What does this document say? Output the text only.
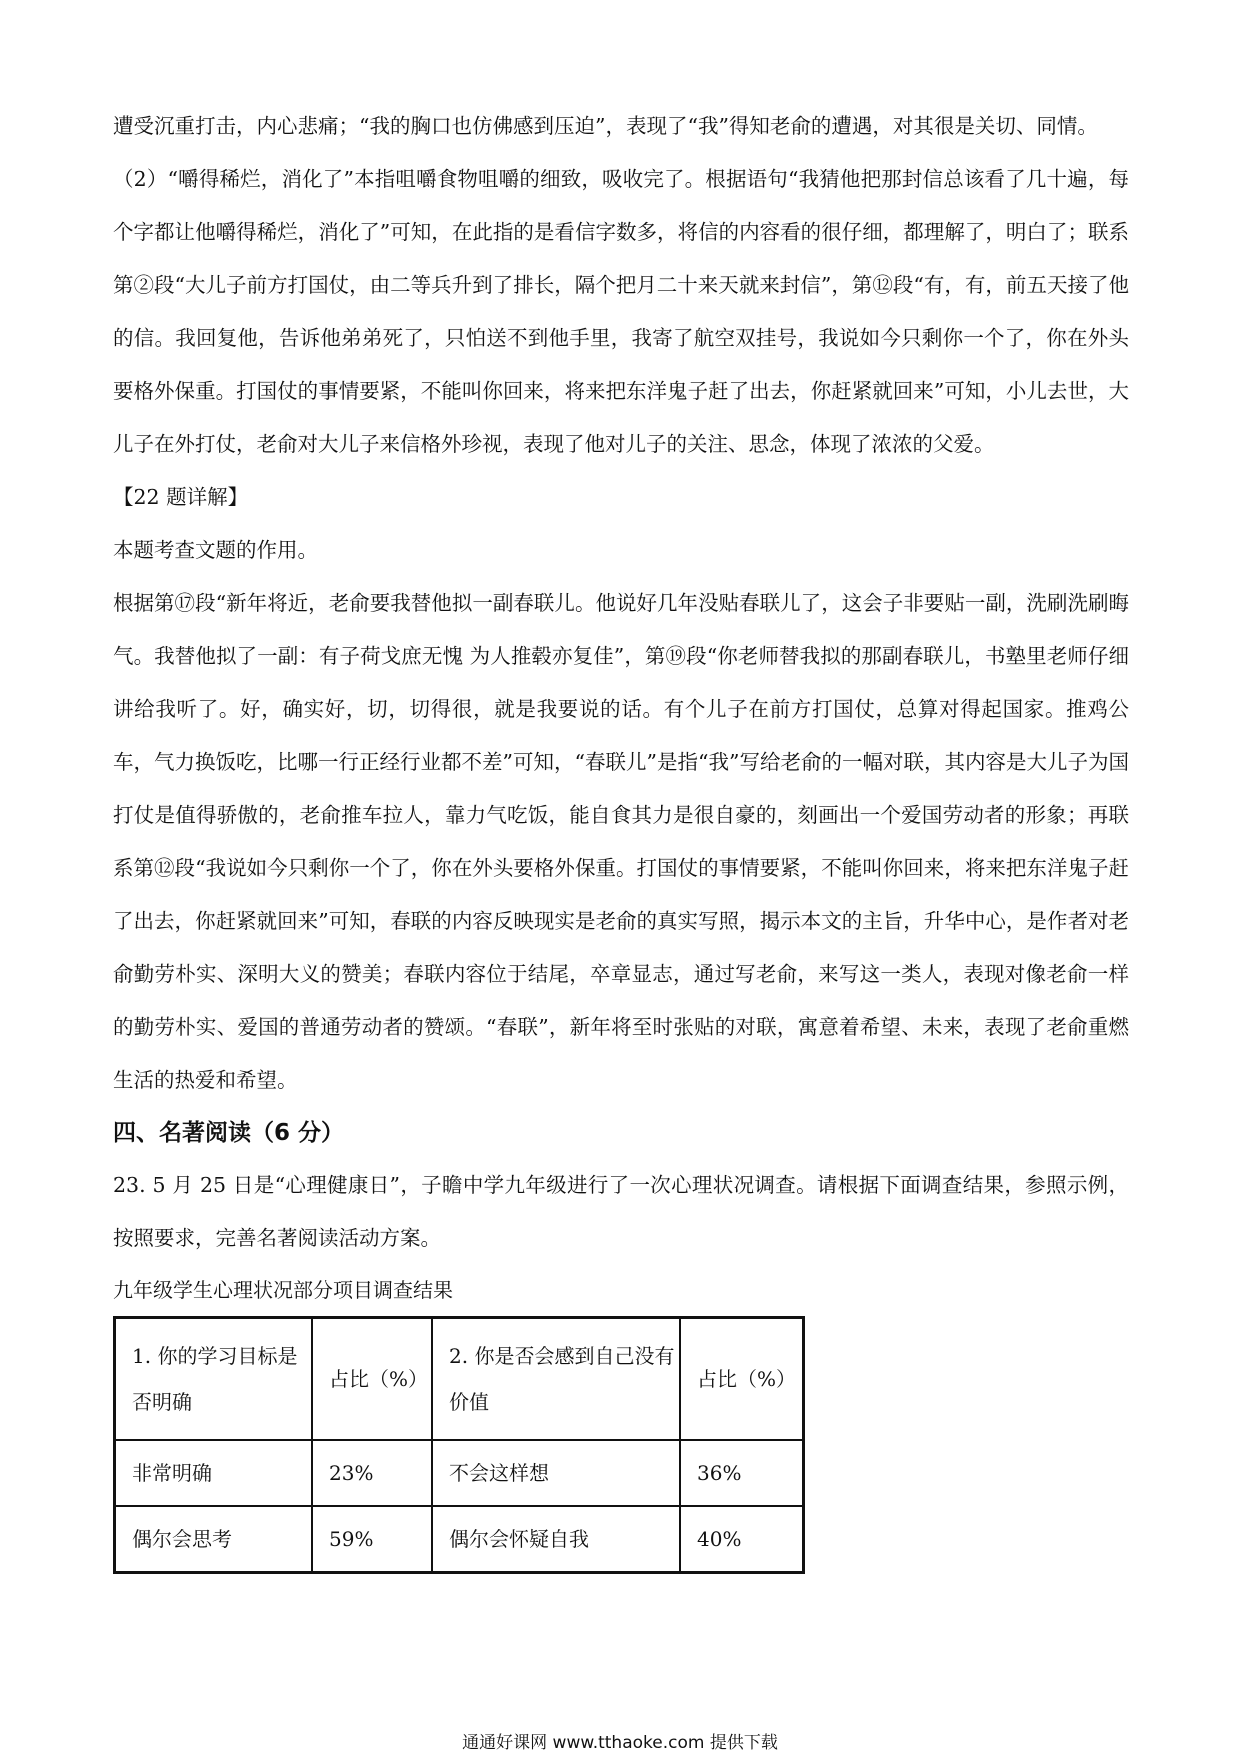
遭受沉重打击，内心悲痛；“我的胸口也仿佛感到压迫”，表现了“我”得知老俞的遭遇，对其很是关切、同情。

（2）“嚼得稀烂，消化了”本指咀嚼食物咀嚼的细致，吸收完了。根据语句“我猜他把那封信总该看了几十遍，每个字都让他嚼得稀烂，消化了”可知，在此指的是看信字数多，将信的内容看的很仔细，都理解了，明白了；联系第②段“大儿子前方打国仗，由二等兵升到了排长，隔个把月二十来天就来封信”，第⑫段“有，有，前五天接了他的信。我回复他，告诉他弟弟死了，只怕送不到他手里，我寄了航空双挂号，我说如今只剩你一个了，你在外头要格外保重。打国仗的事情要紧，不能叫你回来，将来把东洋鬼子赶了出去，你赶紧就回来”可知，小儿去世，大儿子在外打仗，老俞对大儿子来信格外珍视，表现了他对儿子的关注、思念，体现了浓浓的父爱。

【22 题详解】

本题考查文题的作用。

根据第⑰段“新年将近，老俞要我替他拟一副春联儿。他说好几年没贴春联儿了，这会子非要贴一副，洗刷洗刷晦气。我替他拟了一副：有子荷戈庶无愧 为人推毂亦复佳”，第⑲段“你老师替我拟的那副春联儿，书塾里老师仔细讲给我听了。好，确实好，切，切得很，就是我要说的话。有个儿子在前方打国仗，总算对得起国家。推鸡公车，气力换饭吃，比哪一行正经行业都不差”可知，“春联儿”是指“我”写给老俞的一幅对联，其内容是大儿子为国打仗是值得骄傲的，老俞推车拉人，靠力气吃饭，能自食其力是很自豪的，刻画出一个爱国劳动者的形象；再联系第⑫段“我说如今只剩你一个了，你在外头要格外保重。打国仗的事情要紧，不能叫你回来，将来把东洋鬼子赶了出去，你赶紧就回来”可知，春联的内容反映现实是老俞的真实写照，揭示本文的主旨，升华中心，是作者对老俞勤劳朴实、深明大义的赞美；春联内容位于结尾，卒章显志，通过写老俞，来写这一类人，表现对像老俞一样的勤劳朴实、爱国的普通劳动者的赞颂。“春联”，新年将至时张贴的对联，寓意着希望、未来，表现了老俞重燃生活的热爱和希望。

四、名著阅读（6 分）

23. 5 月 25 日是“心理健康日”，子瞻中学九年级进行了一次心理状况调查。请根据下面调查结果，参照示例，按照要求，完善名著阅读活动方案。

九年级学生心理状况部分项目调查结果

1. 你的学习目标是否明确	占比（%）	2. 你是否会感到自己没有价值	占比（%）
非常明确	23%	不会这样想	36%
偶尔会思考	59%	偶尔会怀疑自我	40%
通通好课网 www.tthaoke.com 提供下载
